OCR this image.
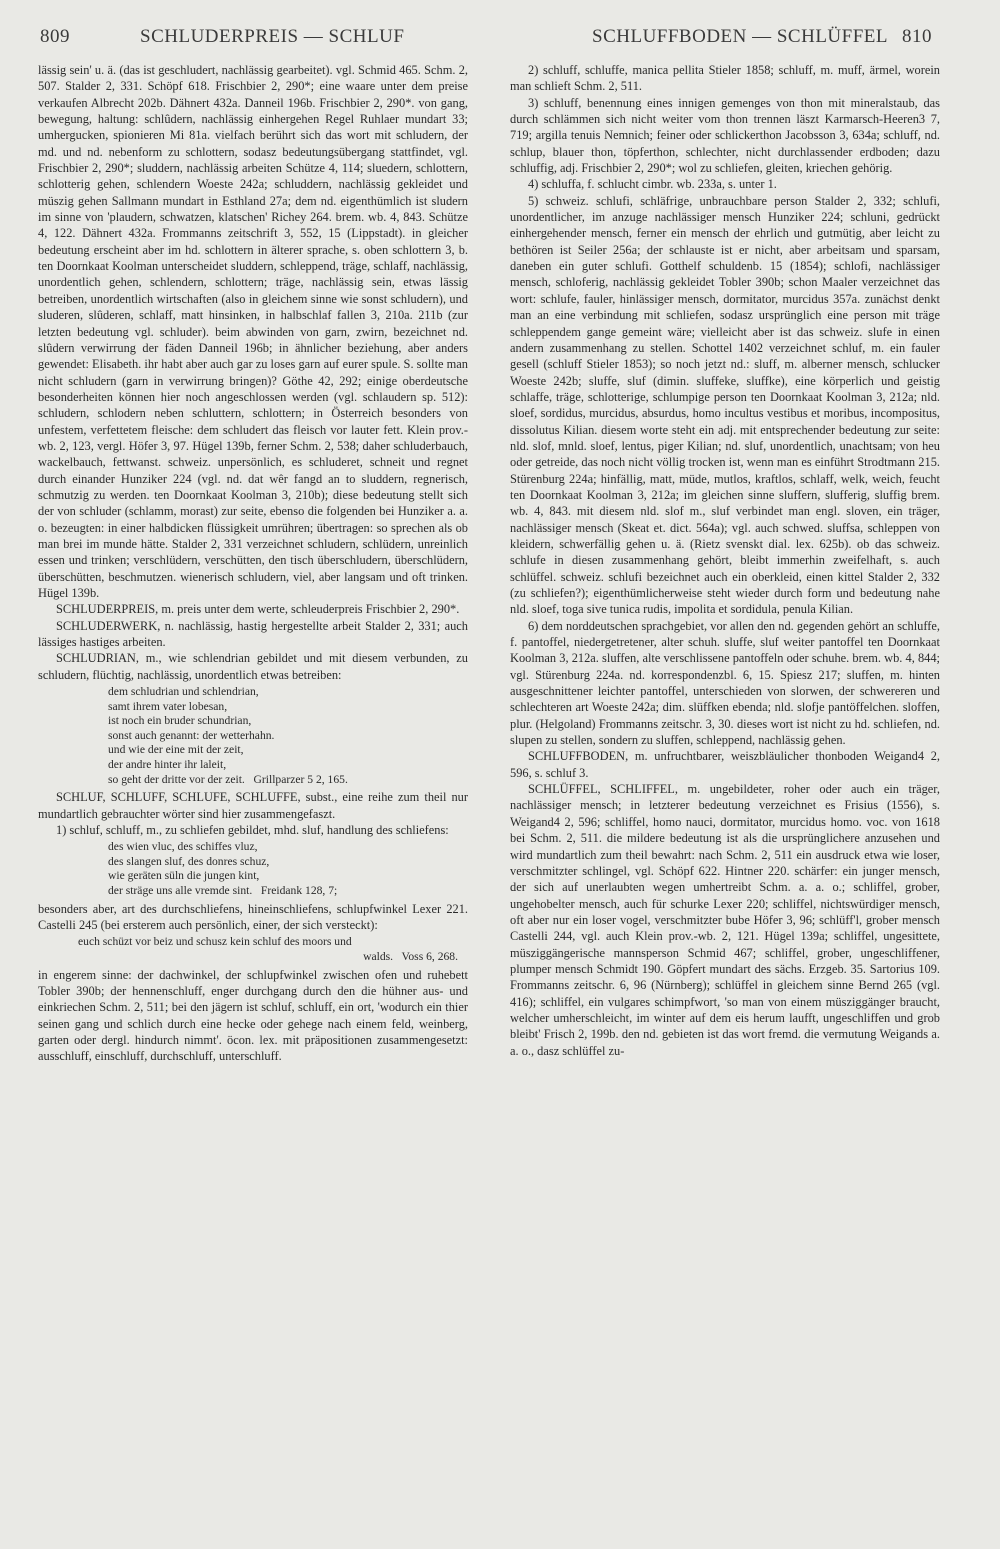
809	SCHLUDERPREIS — SCHLUF	SCHLUFFBODEN — SCHLÜFFEL 810

lässig sein' u. ä. (das ist geschludert, nachlässig gearbeitet). vgl. Schmid 465. Schm. 2, 507. Stalder 2, 331. Schöpf 618. Frischbier 2, 290*; eine waare unter dem preise verkaufen Albrecht 202b. Dähnert 432a. Danneil 196b. Frischbier 2, 290*. von gang, bewegung, haltung: schlûdern, nachlässig einhergehen Regel Ruhlaer mundart 33; umhergucken, spionieren Mi 81a. vielfach berührt sich das wort mit schludern, der md. und nd. nebenform zu schlottern, sodasz bedeutungsübergang stattfindet, vgl. Frischbier 2, 290*; sluddern, nachlässig arbeiten Schütze 4, 114; sluedern, schlottern, schlotterig gehen, schlendern Woeste 242a; schluddern, nachlässig gekleidet und müszig gehen Sallmann mundart in Esthland 27a; dem nd. eigenthümlich ist sludern im sinne von 'plaudern, schwatzen, klatschen' Richey 264. brem. wb. 4, 843. Schütze 4, 122. Dähnert 432a. Frommanns zeitschrift 3, 552, 15 (Lippstadt). in gleicher bedeutung erscheint aber im hd. schlottern in älterer sprache, s. oben schlottern 3, b. ten Doornkaat Koolman unterscheidet sluddern, schleppend, träge, schlaff, nachlässig, unordentlich gehen, schlendern, schlottern; träge, nachlässig sein, etwas lässig betreiben, unordentlich wirtschaften (also in gleichem sinne wie sonst schludern), und sluderen, slûderen, schlaff, matt hinsinken, in halbschlaf fallen 3, 210a. 211b (zur letzten bedeutung vgl. schluder). beim abwinden von garn, zwirn, bezeichnet nd. slûdern verwirrung der fäden Danneil 196b; in ähnlicher beziehung, aber anders gewendet: Elisabeth. ihr habt aber auch gar zu loses garn auf eurer spule. S. sollte man nicht schludern (garn in verwirrung bringen)? Göthe 42, 292; einige oberdeutsche besonderheiten können hier noch angeschlossen werden (vgl. schlaudern sp. 512): schludern, schlodern neben schluttern, schlottern; in Österreich besonders von unfestem, verfettetem fleische: dem schludert das fleisch vor lauter fett. Klein prov.-wb. 2, 123, vergl. Höfer 3, 97. Hügel 139b, ferner Schm. 2, 538; daher schluderbauch, wackelbauch, fettwanst. schweiz. unpersönlich, es schluderet, schneit und regnet durch einander Hunziker 224 (vgl. nd. dat wêr fangd an to sluddern, regnerisch, schmutzig zu werden. ten Doornkaat Koolman 3, 210b); diese bedeutung stellt sich der von schluder (schlamm, morast) zur seite, ebenso die folgenden bei Hunziker a. a. o. bezeugten: in einer halbdicken flüssigkeit umrühren; übertragen: so sprechen als ob man brei im munde hätte. Stalder 2, 331 verzeichnet schludern, schlüdern, unreinlich essen und trinken; verschlüdern, verschütten, den tisch überschludern, überschlüdern, überschütten, beschmutzen. wienerisch schludern, viel, aber langsam und oft trinken. Hügel 139b.

SCHLUDERPREIS, m. preis unter dem werte, schleuderpreis Frischbier 2, 290*.

SCHLUDERWERK, n. nachlässig, hastig hergestellte arbeit Stalder 2, 331; auch lässiges hastiges arbeiten.

SCHLUDRIAN, m., wie schlendrian gebildet und mit diesem verbunden, zu schludern, flüchtig, nachlässig, unordentlich etwas betreiben:

dem schludrian und schlendrian,
samt ihrem vater lobesan,
ist noch ein bruder schundrian,
sonst auch genannt: der wetterhahn.
und wie der eine mit der zeit,
der andre hinter ihr laleit,
so geht der dritte vor der zeit.   Grillparzer 5 2, 165.

SCHLUF, SCHLUFF, SCHLUFE, SCHLUFFE, subst., eine reihe zum theil nur mundartlich gebrauchter wörter sind hier zusammengefaszt.

1) schluf, schluff, m., zu schliefen gebildet, mhd. sluf, handlung des schliefens:

des wien vluc, des schiffes vluz,
des slangen sluf, des donres schuz,
wie geräten süln die jungen kint,
der sträge uns alle vremde sint.   Freidank 128, 7;

besonders aber, art des durchschliefens, hineinschliefens, schlupfwinkel Lexer 221. Castelli 245 (bei ersterem auch persönlich, einer, der sich versteckt):

euch schüzt vor beiz und schusz kein schluf des moors und
walds.   Voss 6, 268.

in engerem sinne: der dachwinkel, der schlupfwinkel zwischen ofen und ruhebett Tobler 390b; der hennenschluff, enger durchgang durch den die hühner aus- und einkriechen Schm. 2, 511; bei den jägern ist schluf, schluff, ein ort, 'wodurch ein thier seinen gang und schlich durch eine hecke oder gehege nach einem feld, weinberg, garten oder dergl. hindurch nimmt'. öcon. lex. mit präpositionen zusammengesetzt: ausschluff, einschluff, durchschluff, unterschluff.

2) schluff, schluffe, manica pellita Stieler 1858; schluff, m. muff, ärmel, worein man schlieft Schm. 2, 511.

3) schluff, benennung eines innigen gemenges von thon mit mineralstaub, das durch schlämmen sich nicht weiter vom thon trennen läszt Karmarsch-Heeren3 7, 719; argilla tenuis Nemnich; feiner oder schlickerthon Jacobsson 3, 634a; schluff, nd. schlup, blauer thon, töpferthon, schlechter, nicht durchlassender erdboden; dazu schluffig, adj. Frischbier 2, 290*; wol zu schliefen, gleiten, kriechen gehörig.

4) schluffa, f. schlucht cimbr. wb. 233a, s. unter 1.

5) schweiz. schlufi, schläfrige, unbrauchbare person Stalder 2, 332; schlufi, unordentlicher, im anzuge nachlässiger mensch Hunziker 224; schluni, gedrückt einhergehender mensch, ferner ein mensch der ehrlich und gutmütig, aber leicht zu bethören ist Seiler 256a; der schlauste ist er nicht, aber arbeitsam und sparsam, daneben ein guter schlufi. Gotthelf schuldenb. 15 (1854); schlofi, nachlässiger mensch, schloferig, nachlässig gekleidet Tobler 390b; schon Maaler verzeichnet das wort: schlufe, fauler, hinlässiger mensch, dormitator, murcidus 357a. zunächst denkt man an eine verbindung mit schliefen, sodasz ursprünglich eine person mit träge schleppendem gange gemeint wäre; vielleicht aber ist das schweiz. slufe in einen andern zusammenhang zu stellen. Schottel 1402 verzeichnet schluf, m. ein fauler gesell (schluff Stieler 1853); so noch jetzt nd.: sluff, m. alberner mensch, schlucker Woeste 242b; sluffe, sluf (dimin. sluffeke, sluffke), eine körperlich und geistig schlaffe, träge, schlotterige, schlumpige person ten Doornkaat Koolman 3, 212a; nld. sloef, sordidus, murcidus, absurdus, homo incultus vestibus et moribus, incompositus, dissolutus Kilian. diesem worte steht ein adj. mit entsprechender bedeutung zur seite: nld. slof, mnld. sloef, lentus, piger Kilian; nd. sluf, unordentlich, unachtsam; von heu oder getreide, das noch nicht völlig trocken ist, wenn man es einführt Strodtmann 215. Stürenburg 224a; hinfällig, matt, müde, mutlos, kraftlos, schlaff, welk, weich, feucht ten Doornkaat Koolman 3, 212a; im gleichen sinne sluffern, slufferig, sluffig brem. wb. 4, 843. mit diesem nld. slof m., sluf verbindet man engl. sloven, ein träger, nachlässiger mensch (Skeat et. dict. 564a); vgl. auch schwed. sluffsa, schleppen von kleidern, schwerfällig gehen u. ä. (Rietz svenskt dial. lex. 625b). ob das schweiz. schlufe in diesen zusammenhang gehört, bleibt immerhin zweifelhaft, s. auch schlüffel. schweiz. schlufi bezeichnet auch ein oberkleid, einen kittel Stalder 2, 332 (zu schliefen?); eigenthümlicherweise steht wieder durch form und bedeutung nahe nld. sloef, toga sive tunica rudis, impolita et sordidula, penula Kilian.

6) dem norddeutschen sprachgebiet, vor allen den nd. gegenden gehört an schluffe, f. pantoffel, niedergetretener, alter schuh. sluffe, sluf weiter pantoffel ten Doornkaat Koolman 3, 212a. sluffen, alte verschlissene pantoffeln oder schuhe. brem. wb. 4, 844; vgl. Stürenburg 224a. nd. korrespondenzbl. 6, 15. Spiesz 217; sluffen, m. hinten ausgeschnittener leichter pantoffel, unterschieden von slorwen, der schwereren und schlechteren art Woeste 242a; dim. slüffken ebenda; nld. slofje pantöffelchen. sloffen, plur. (Helgoland) Frommanns zeitschr. 3, 30. dieses wort ist nicht zu hd. schliefen, nd. slupen zu stellen, sondern zu sluffen, schleppend, nachlässig gehen.

SCHLUFFBODEN, m. unfruchtbarer, weiszbläulicher thonboden Weigand4 2, 596, s. schluf 3.

SCHLÜFFEL, SCHLIFFEL, m. ungebildeter, roher oder auch ein träger, nachlässiger mensch; in letzterer bedeutung verzeichnet es Frisius (1556), s. Weigand4 2, 596; schliffel, homo nauci, dormitator, murcidus homo. voc. von 1618 bei Schm. 2, 511. die mildere bedeutung ist als die ursprünglichere anzusehen und wird mundartlich zum theil bewahrt: nach Schm. 2, 511 ein ausdruck etwa wie loser, verschmitzter schlingel, vgl. Schöpf 622. Hintner 220. schärfer: ein junger mensch, der sich auf unerlaubten wegen umhertreibt Schm. a. a. o.; schliffel, grober, ungehobelter mensch, auch für schurke Lexer 220; schliffel, nichtswürdiger mensch, oft aber nur ein loser vogel, verschmitzter bube Höfer 3, 96; schlüff'l, grober mensch Castelli 244, vgl. auch Klein prov.-wb. 2, 121. Hügel 139a; schliffel, ungesittete, müsziggängerische mannsperson Schmid 467; schliffel, grober, ungeschliffener, plumper mensch Schmidt 190. Göpfert mundart des sächs. Erzgeb. 35. Sartorius 109. Frommanns zeitschr. 6, 96 (Nürnberg); schlüffel in gleichem sinne Bernd 265 (vgl. 416); schliffel, ein vulgares schimpfwort, 'so man von einem müsziggänger braucht, welcher umherschleicht, im winter auf dem eis herum laufft, ungeschliffen und grob bleibt' Frisch 2, 199b. den nd. gebieten ist das wort fremd. die vermutung Weigands a. a. o., dasz schlüffel zu-
